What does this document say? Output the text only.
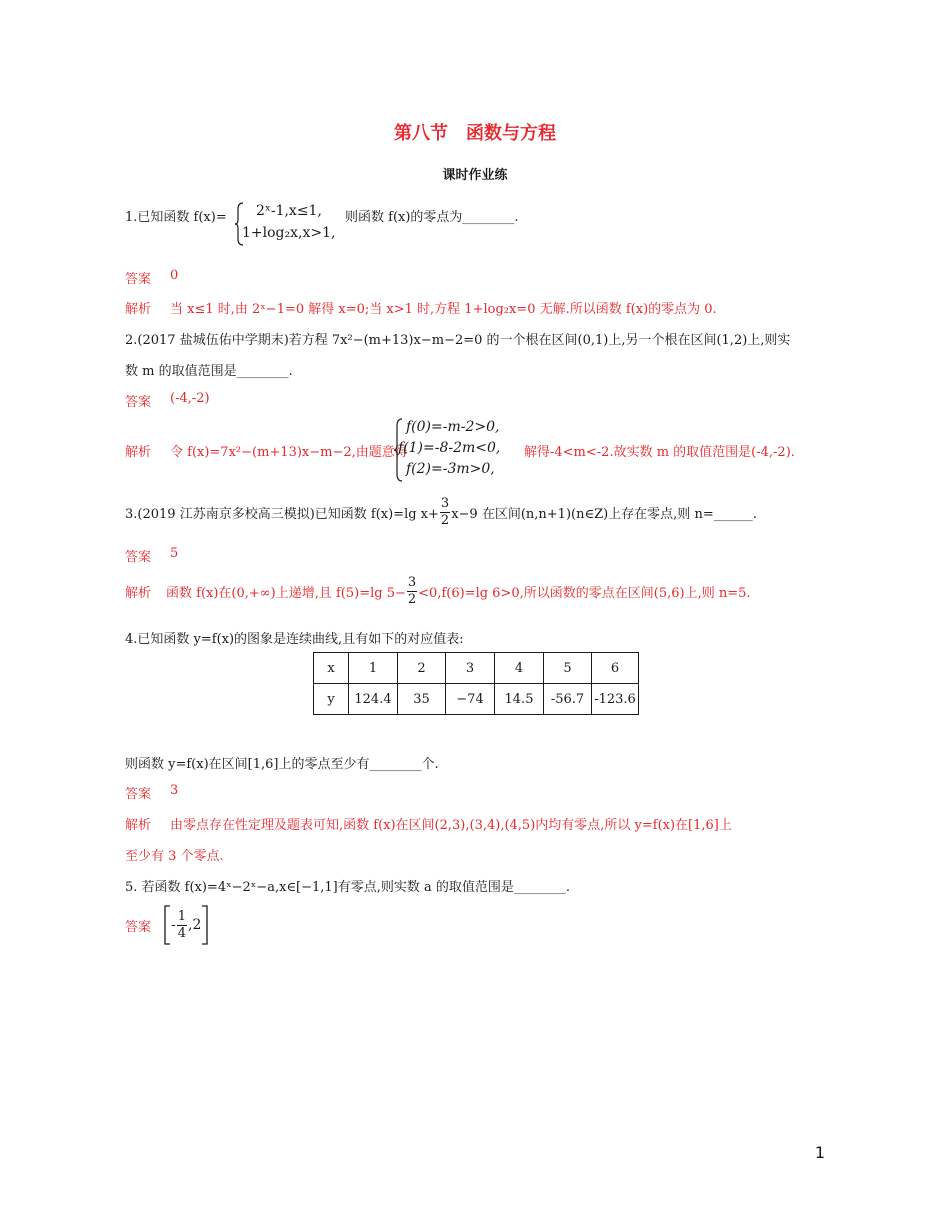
第八节　函数与方程
课时作业练
1.已知函数 f(x)= 2ˣ-1,x≤1,
1+log₂x,x>1,
则函数 f(x)的零点为________.
答案 0
解析 当 x≤1 时,由 2ˣ−1=0 解得 x=0;当 x>1 时,方程 1+log₂x=0 无解.所以函数 f(x)的零点为 0.
2.(2017 盐城伍佑中学期末)若方程 7x²−(m+13)x−m−2=0 的一个根在区间(0,1)上,另一个根在区间(1,2)上,则实
数 m 的取值范围是________.
答案 (-4,-2)
解析 令 f(x)=7x²−(m+13)x−m−2,由题意得
f(0)=-m-2>0,
f(1)=-8-2m<0,
f(2)=-3m>0,
解得-4<m<-2.故实数 m 的取值范围是(-4,-2).
3.(2019 江苏南京多校高三模拟)已知函数 f(x)=lg $x+ \frac{3}{2} x-9$ 在区间(n,n+1)(n∈Z)上存在零点,则 n=______.
答案 5
解析 函数 f(x)在(0,+∞)上递增,且 f(5)=lg $5- \frac{3}{2} <0,f(6)=\lg$ 6>0,所以函数的零点在区间(5,6)上,则 n=5.
4.已知函数 y=f(x)的图象是连续曲线,且有如下的对应值表:
x	1	2	3	4	5	6
y	124.4	35	−74	14.5	-56.7	-123.6
则函数 y=f(x)在区间[1,6]上的零点至少有________个.
答案 3
解析 由零点存在性定理及题表可知,函数 f(x)在区间(2,3),(3,4),(4,5)内均有零点,所以 y=f(x)在[1,6]上
至少有 3 个零点.
5. 若函数 f(x)=4ˣ−2ˣ−a,x∈[−1,1]有零点,则实数 a 的取值范围是________.
答案 - $\frac{1}{4} ,2$
1
